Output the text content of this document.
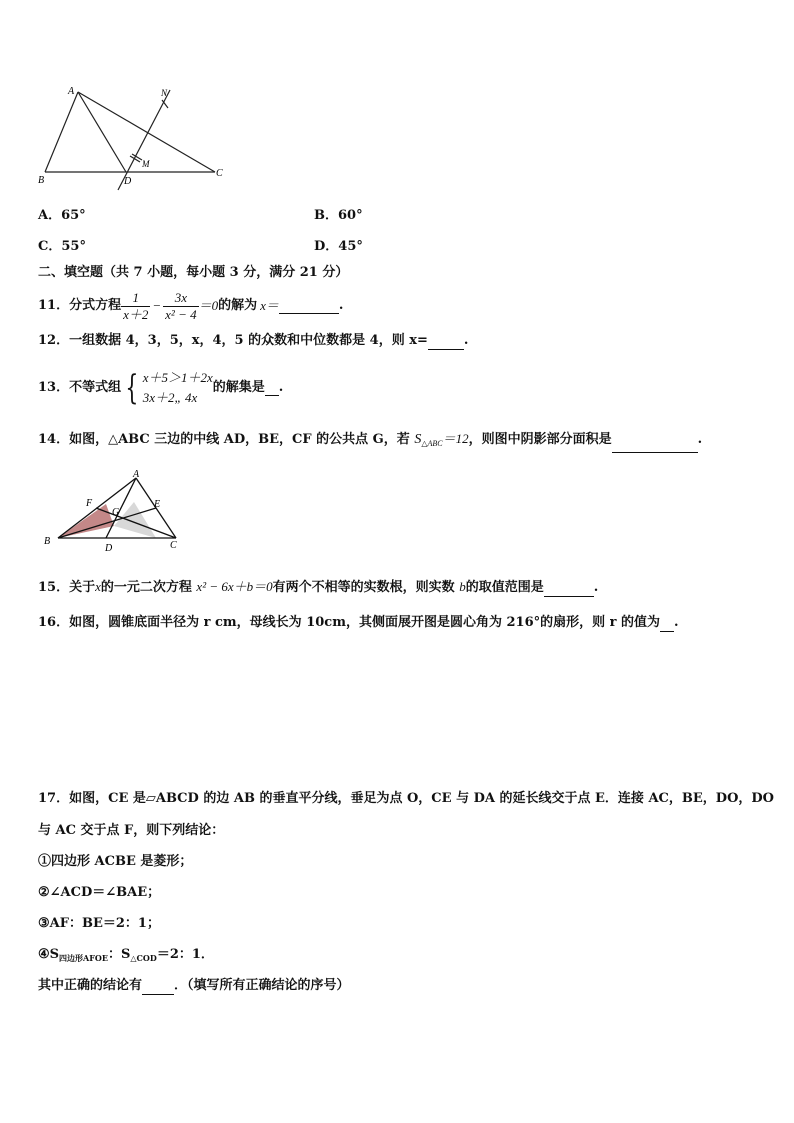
A
B
C
D
M
N
A．65°	B．60°
C．55°	D．45°
二、填空题（共 7 小题，每小题 3 分，满分 21 分）
11．分式方程 $\frac{1}{x+2} - \frac{3x}{\text{x² − 4}} =0$ 的解为 x＝	.
12．一组数据 4，3，5，x，4，5 的众数和中位数都是 4，则 x=	.
13．不等式组 { x＋5＞1＋2x
3x＋2„ 4x
的解集是 .
14．如图，△ABC 三边的中线 AD，BE，CF 的公共点 G，若 $S_{\triangle ABC}=12$，则图中阴影部分面积是	.
A
B	C
D
E
F
G
15．关于x的一元二次方程 x² − 6x＋b＝0有两个不相等的实数根，则实数 b的取值范围是	.
16．如图，圆锥底面半径为 r cm，母线长为 10cm，其侧面展开图是圆心角为 216°的扇形，则 r 的值为 .
17．如图，CE 是▱ABCD 的边 AB 的垂直平分线，垂足为点 O，CE 与 DA 的延长线交于点 E．连接 AC，BE，DO，DO
与 AC 交于点 F，则下列结论：
①四边形 ACBE 是菱形；
②∠ACD＝∠BAE；
③AF：BE＝2：1；
$④S_{四边形AFOE}$：$S_{\triangle COD}=2$：1．
其中正确的结论有 ．（填写所有正确结论的序号）
